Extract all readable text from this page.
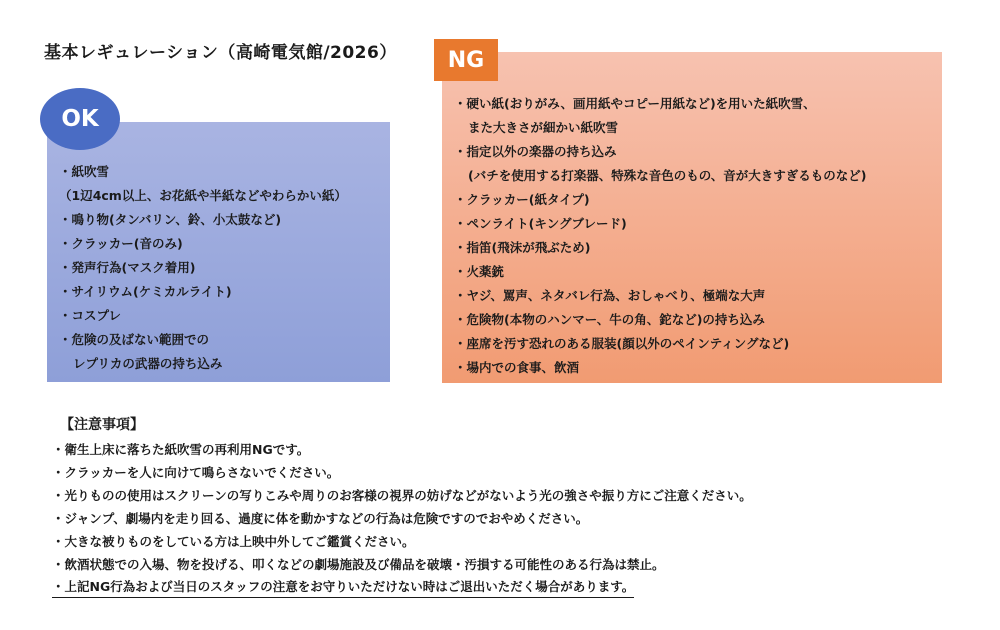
基本レギュレーション（高崎電気館/2026）
・紙吹雪
（1辺4cm以上、お花紙や半紙などやわらかい紙）
・鳴り物(タンバリン、鈴、小太鼓など)
・クラッカー(音のみ)
・発声行為(マスク着用)
・サイリウム(ケミカルライト)
・コスプレ
・危険の及ばない範囲での
レプリカの武器の持ち込み
OK
・硬い紙(おりがみ、画用紙やコピー用紙など)を用いた紙吹雪、
また大きさが細かい紙吹雪
・指定以外の楽器の持ち込み
(バチを使用する打楽器、特殊な音色のもの、音が大きすぎるものなど)
・クラッカー(紙タイプ)
・ペンライト(キングブレード)
・指笛(飛沫が飛ぶため)
・火薬銃
・ヤジ、罵声、ネタバレ行為、おしゃべり、極端な大声
・危険物(本物のハンマー、牛の角、鉈など)の持ち込み
・座席を汚す恐れのある服装(顔以外のペインティングなど)
・場内での食事、飲酒
NG
【注意事項】
・衛生上床に落ちた紙吹雪の再利用NGです。
・クラッカーを人に向けて鳴らさないでください。
・光りものの使用はスクリーンの写りこみや周りのお客様の視界の妨げなどがないよう光の強さや振り方にご注意ください。
・ジャンプ、劇場内を走り回る、過度に体を動かすなどの行為は危険ですのでおやめください。
・大きな被りものをしている方は上映中外してご鑑賞ください。
・飲酒状態での入場、物を投げる、叩くなどの劇場施設及び備品を破壊・汚損する可能性のある行為は禁止。
・上記NG行為および当日のスタッフの注意をお守りいただけない時はご退出いただく場合があります。
